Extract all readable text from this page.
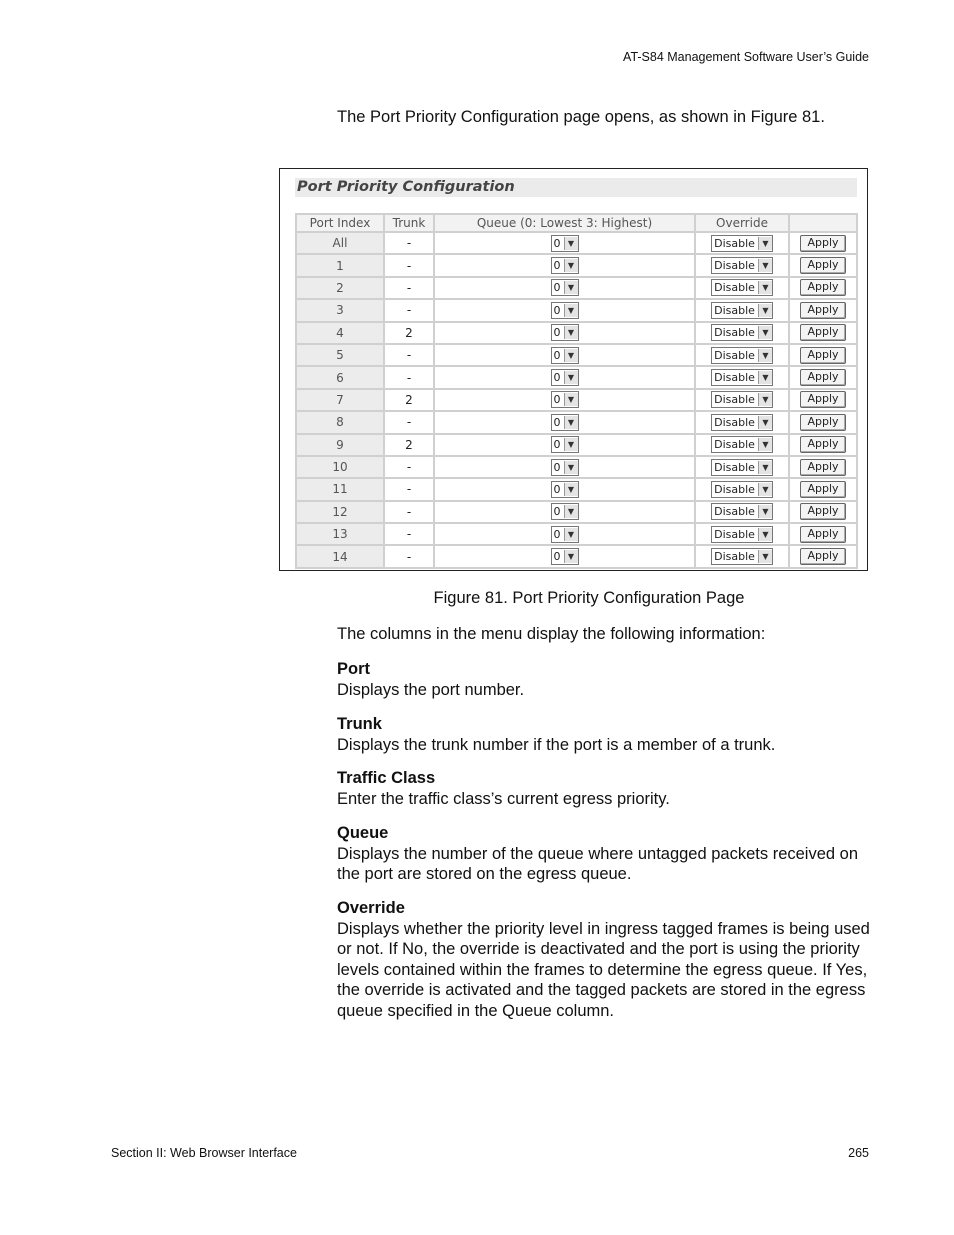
AT-S84 Management Software User’s Guide
The Port Priority Configuration page opens, as shown in Figure 81.
Port Priority Configuration
Port Index	Trunk	Queue (0: Lowest 3: Highest)	Override	
All	-	0 ▼	Disable ▼	Apply
1	-	0 ▼	Disable ▼	Apply
2	-	0 ▼	Disable ▼	Apply
3	-	0 ▼	Disable ▼	Apply
4	2	0 ▼	Disable ▼	Apply
5	-	0 ▼	Disable ▼	Apply
6	-	0 ▼	Disable ▼	Apply
7	2	0 ▼	Disable ▼	Apply
8	-	0 ▼	Disable ▼	Apply
9	2	0 ▼	Disable ▼	Apply
10	-	0 ▼	Disable ▼	Apply
11	-	0 ▼	Disable ▼	Apply
12	-	0 ▼	Disable ▼	Apply
13	-	0 ▼	Disable ▼	Apply
14	-	0 ▼	Disable ▼	Apply
Figure 81. Port Priority Configuration Page
The columns in the menu display the following information:
Port
Displays the port number.
Trunk
Displays the trunk number if the port is a member of a trunk.
Traffic Class
Enter the traffic class’s current egress priority.
Queue
Displays the number of the queue where untagged packets received on the port are stored on the egress queue.
Override
Displays whether the priority level in ingress tagged frames is being used or not. If No, the override is deactivated and the port is using the priority levels contained within the frames to determine the egress queue. If Yes, the override is activated and the tagged packets are stored in the egress queue specified in the Queue column.
Section II: Web Browser Interface	265
